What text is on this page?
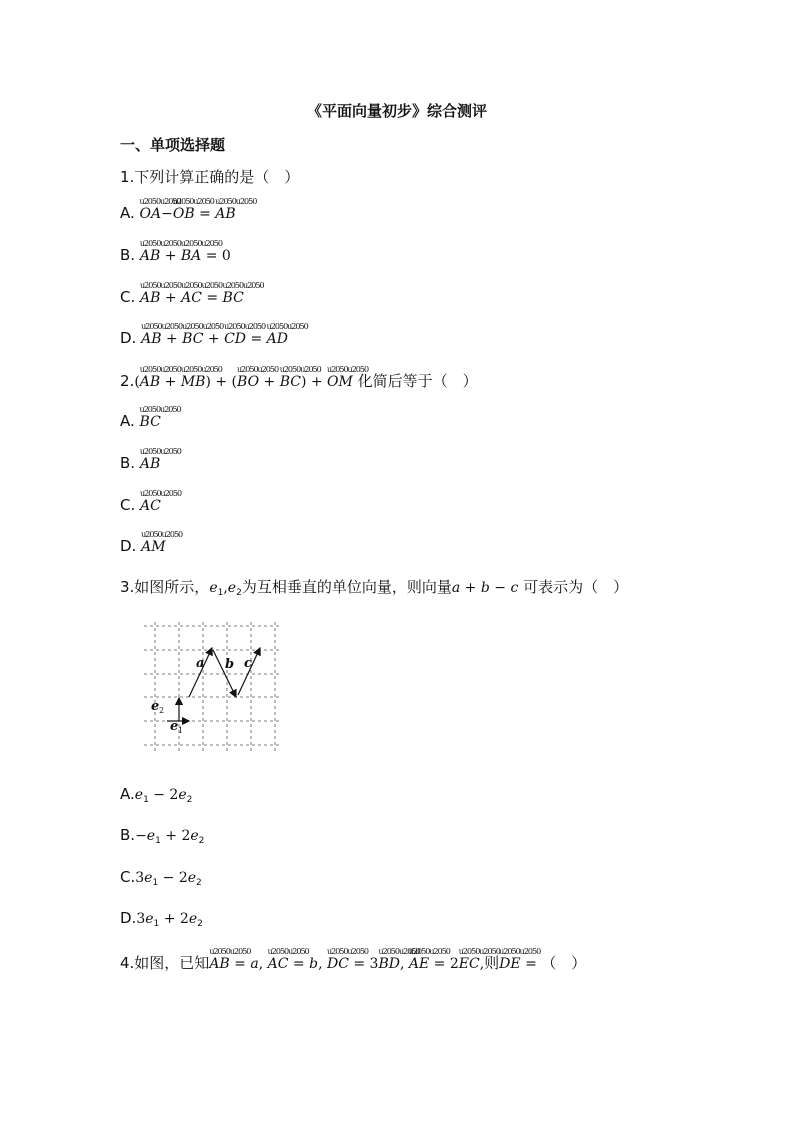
《平面向量初步》综合测评
一、单项选择题
1.下列计算正确的是（　）
A. u2050u2050 OA−u2050u2050 OB = u2050u2050 AB
B. u2050u2050 AB + u2050u2050 BA = 0
C. u2050u2050 AB + u2050u2050 AC = u2050u2050 BC
D. u2050u2050 AB + u2050u2050 BC + u2050u2050 CD = u2050u2050 AD
2.(u2050u2050 AB + u2050u2050 MB) + (u2050u2050 BO + u2050u2050 BC) + u2050u2050 OM 化简后等于（　）
A. u2050u2050 BC
B. u2050u2050 AB
C. u2050u2050 AC
D. u2050u2050 AM
3.如图所示，$e_1,e_2$为互相垂直的单位向量，则向量a + b − c 可表示为（　）
a b c
e
e
2
1
$A.e_1 - 2e_2$
$B.-e_1 + 2e_2$
$C.3e_1 - 2e_2$
$D.3e_1 + 2e_2$
4.如图，已知u2050u2050 AB = a, u2050u2050 AC = b, u2050u2050 DC = 3u2050u2050 BD, u2050u2050 AE = 2u2050u2050 EC,则u2050u2050 DE = （　）
